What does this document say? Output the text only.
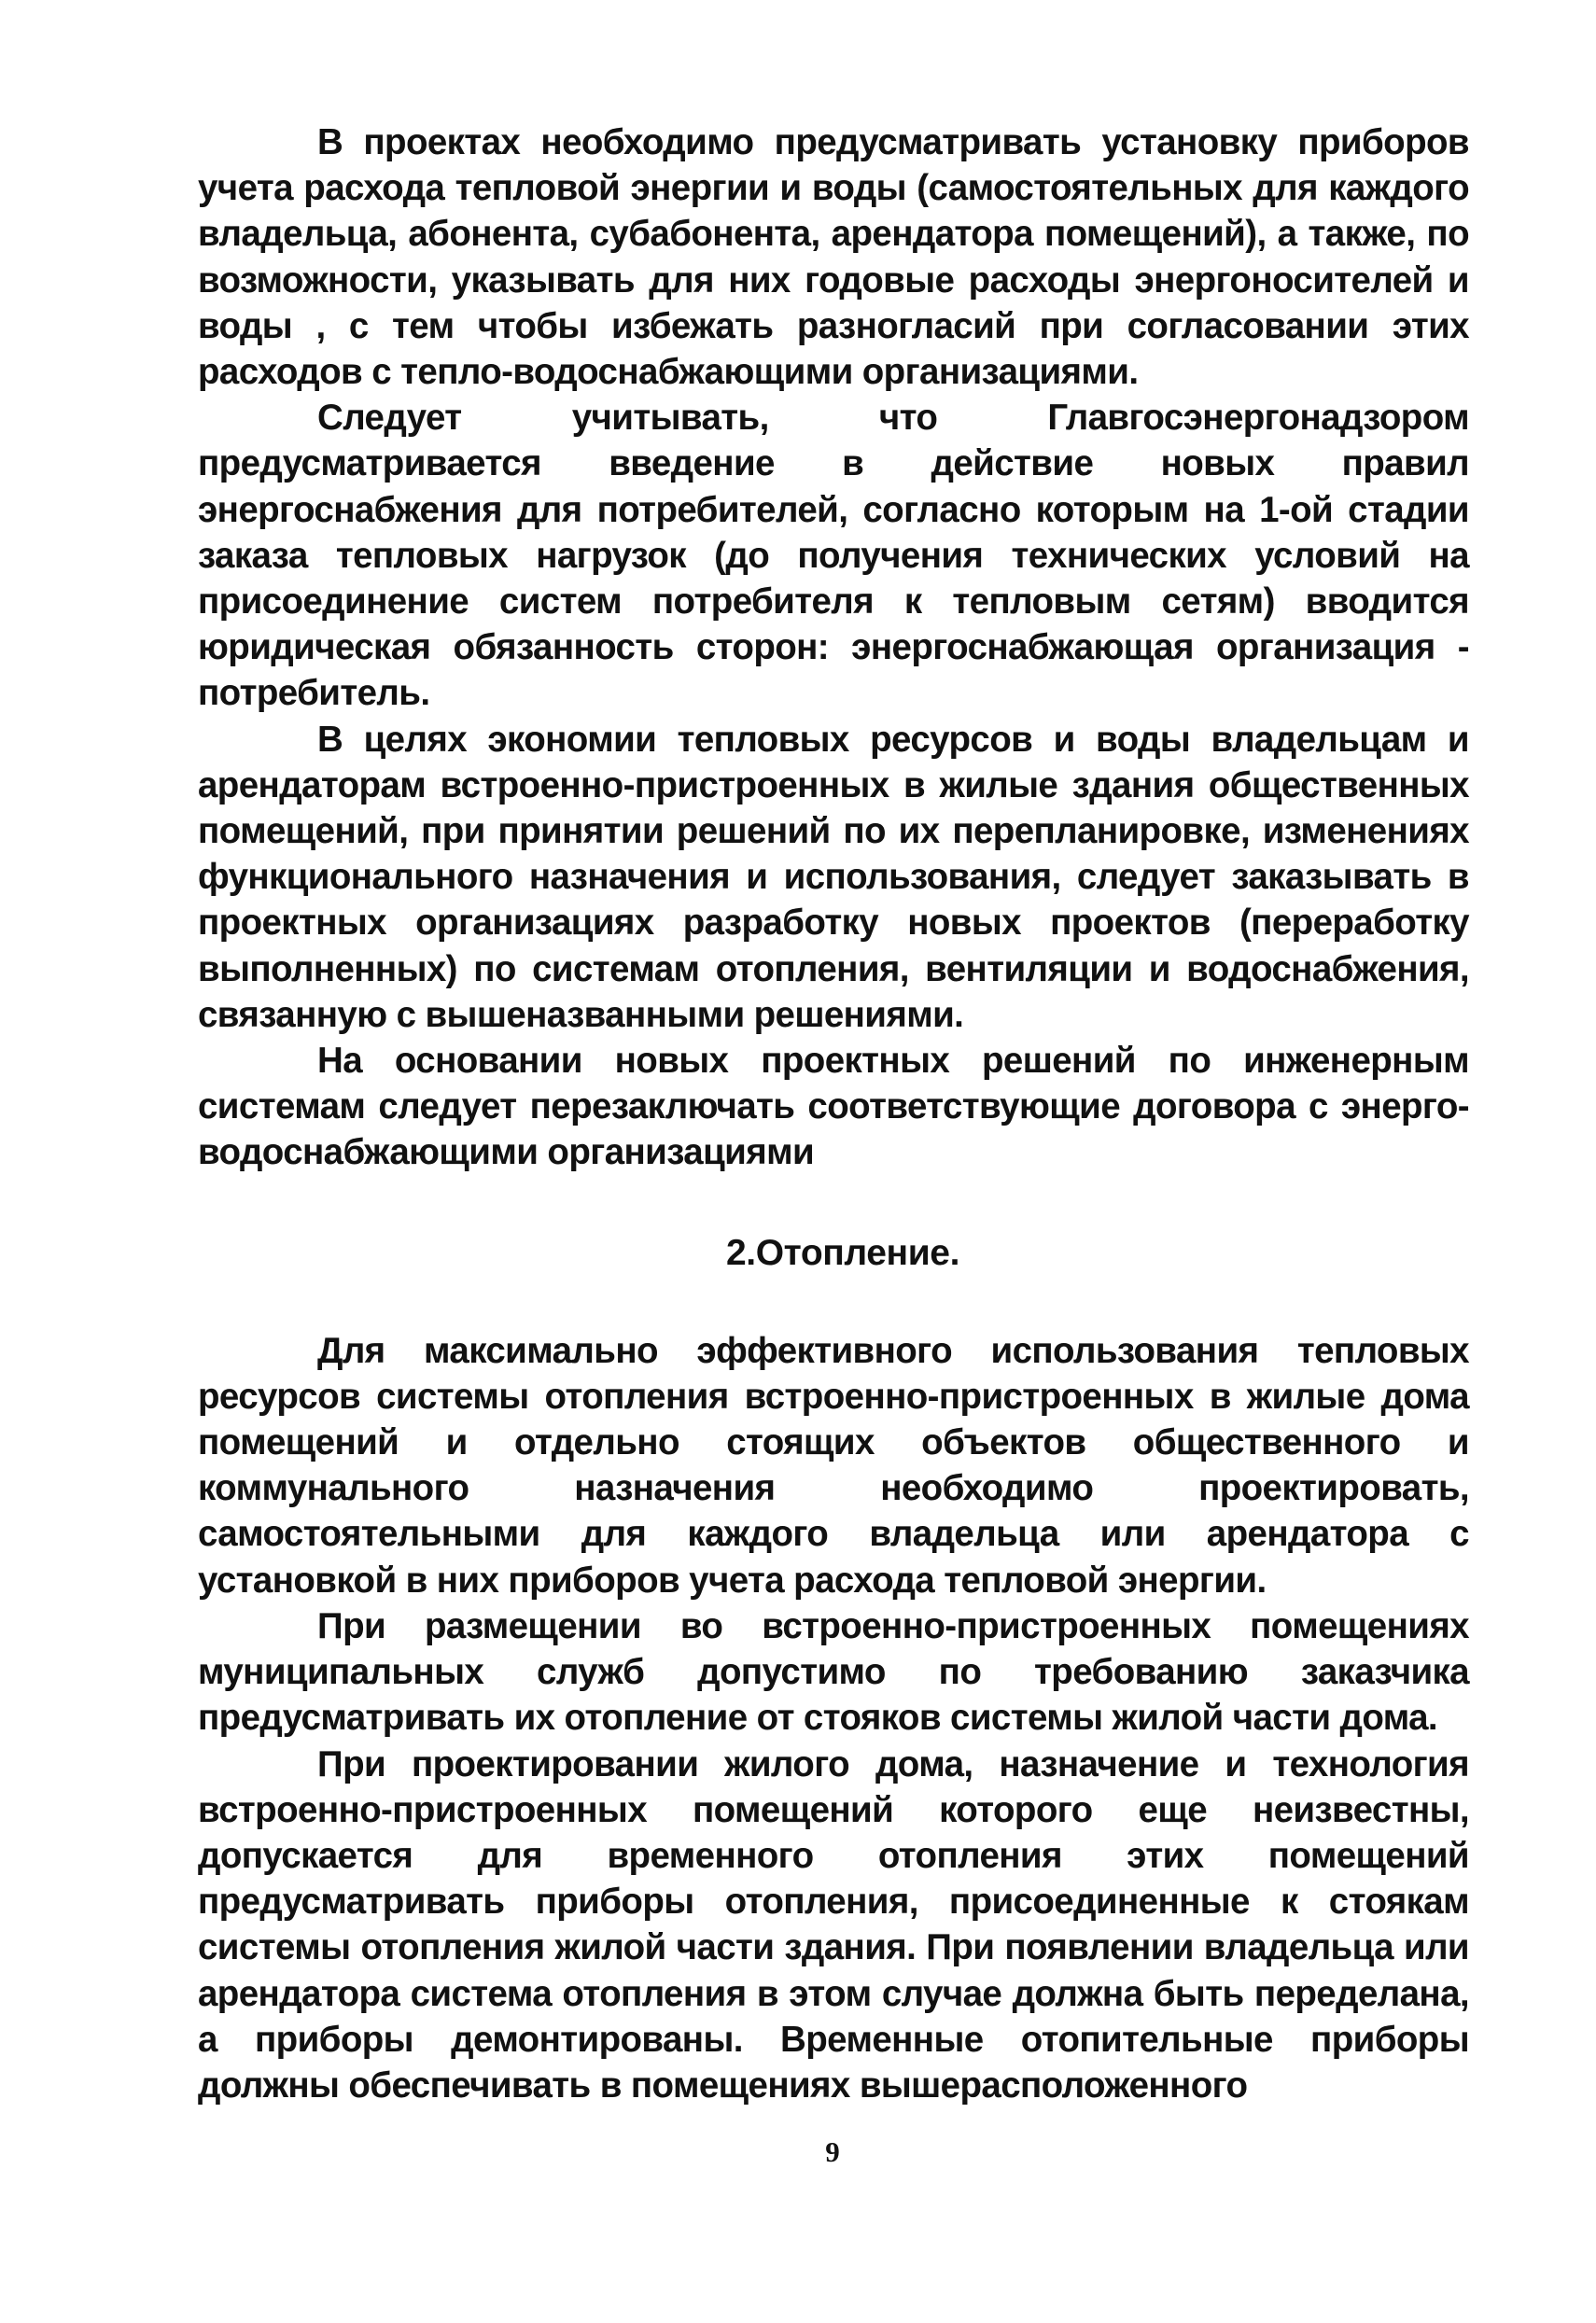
В проектах необходимо предусматривать установку приборов учета расхода тепловой энергии и воды (самостоятельных для каждого владельца, абонента, субабонента, арендатора помещений), а также, по возможности, указывать для них годовые расходы энергоносителей и воды , с тем чтобы избежать разногласий при согласовании этих расходов с тепло-водоснабжающими организациями.

Следует учитывать, что Главгосэнергонадзором предусматривается введение в действие новых правил энергоснабжения для потребителей, согласно которым на 1-ой стадии заказа тепловых нагрузок (до получения технических условий на присоединение систем потребителя к тепловым сетям) вводится юридическая обязанность сторон: энергоснабжающая организация - потребитель.

В целях экономии тепловых ресурсов и воды владельцам и арендаторам встроенно-пристроенных в жилые здания общественных помещений, при принятии решений по их перепланировке, изменениях функционального назначения и использования, следует заказывать в проектных организациях разработку новых проектов (переработку выполненных) по системам отопления, вентиляции и водоснабжения, связанную с вышеназванными решениями.

На основании новых проектных решений по инженерным системам следует перезаключать соответствующие договора с энерго-водоснабжающими организациями

2.Отопление.

Для максимально эффективного использования тепловых ресурсов системы отопления встроенно-пристроенных в жилые дома помещений и отдельно стоящих объектов общественного и коммунального назначения необходимо проектировать, самостоятельными для каждого владельца или арендатора с установкой в них приборов учета расхода тепловой энергии.

При размещении во встроенно-пристроенных помещениях муниципальных служб допустимо по требованию заказчика предусматривать их отопление от стояков системы жилой части дома.

При проектировании жилого дома, назначение и технология встроенно-пристроенных помещений которого еще неизвестны, допускается для временного отопления этих помещений предусматривать приборы отопления, присоединенные к стоякам системы отопления жилой части здания. При появлении владельца или арендатора система отопления в этом случае должна быть переделана, а приборы демонтированы. Временные отопительные приборы должны обеспечивать в помещениях вышерасположенного

9
